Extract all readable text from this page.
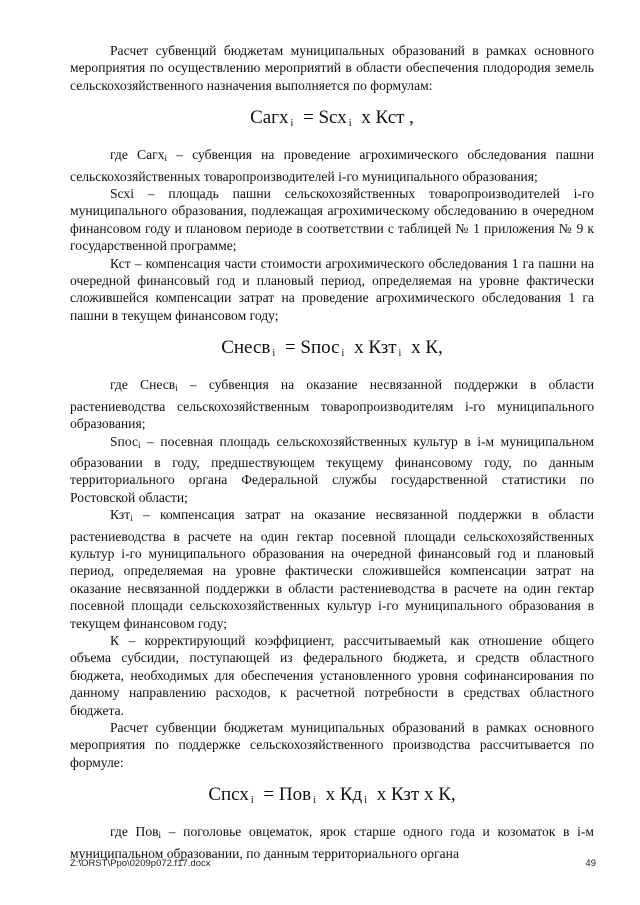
Расчет субвенций бюджетам муниципальных образований в рамках основного мероприятия по осуществлению мероприятий в области обеспечения плодородия земель сельскохозяйственного назначения выполняется по формулам:

Сагх $_i$ = Sсх $_i$ х Кст ,

где Сагхi – субвенция на проведение агрохимического обследования пашни сельскохозяйственных товаропроизводителей i-го муниципального образования;

Sсхi – площадь пашни сельскохозяйственных товаропроизводителей i-го муниципального образования, подлежащая агрохимическому обследованию в очередном финансовом году и плановом периоде в соответствии с таблицей № 1 приложения № 9 к государственной программе;

Кст – компенсация части стоимости агрохимического обследования 1 га пашни на очередной финансовый год и плановый период, определяемая на уровне фактически сложившейся компенсации затрат на проведение агрохимического обследования 1 га пашни в текущем финансовом году;

Снесв $_i$ = Sпос $_i$ х Кзт $_i$ х К,

где Снесвi – субвенция на оказание несвязанной поддержки в области растениеводства сельскохозяйственным товаропроизводителям i-го муниципального образования;

Sпосi – посевная площадь сельскохозяйственных культур в i-м муниципальном образовании в году, предшествующем текущему финансовому году, по данным территориального органа Федеральной службы государственной статистики по Ростовской области;

Кзтi – компенсация затрат на оказание несвязанной поддержки в области растениеводства в расчете на один гектар посевной площади сельскохозяйственных культур i-го муниципального образования на очередной финансовый год и плановый период, определяемая на уровне фактически сложившейся компенсации затрат на оказание несвязанной поддержки в области растениеводства в расчете на один гектар посевной площади сельскохозяйственных культур i-го муниципального образования в текущем финансовом году;

К – корректирующий коэффициент, рассчитываемый как отношение общего объема субсидии, поступающей из федерального бюджета, и средств областного бюджета, необходимых для обеспечения установленного уровня софинансирования по данному направлению расходов, к расчетной потребности в средствах областного бюджета.

Расчет субвенции бюджетам муниципальных образований в рамках основного мероприятия по поддержке сельскохозяйственного производства рассчитывается по формуле:

Спсх $_i$ = Пов $_i$ х Кд $_i$ х Кзт х К,

где Повi – поголовье овцематок, ярок старше одного года и козоматок в i-м муниципальном образовании, по данным территориального органа

Z:\ORST\Ppo\0209p072.f17.docx	49
